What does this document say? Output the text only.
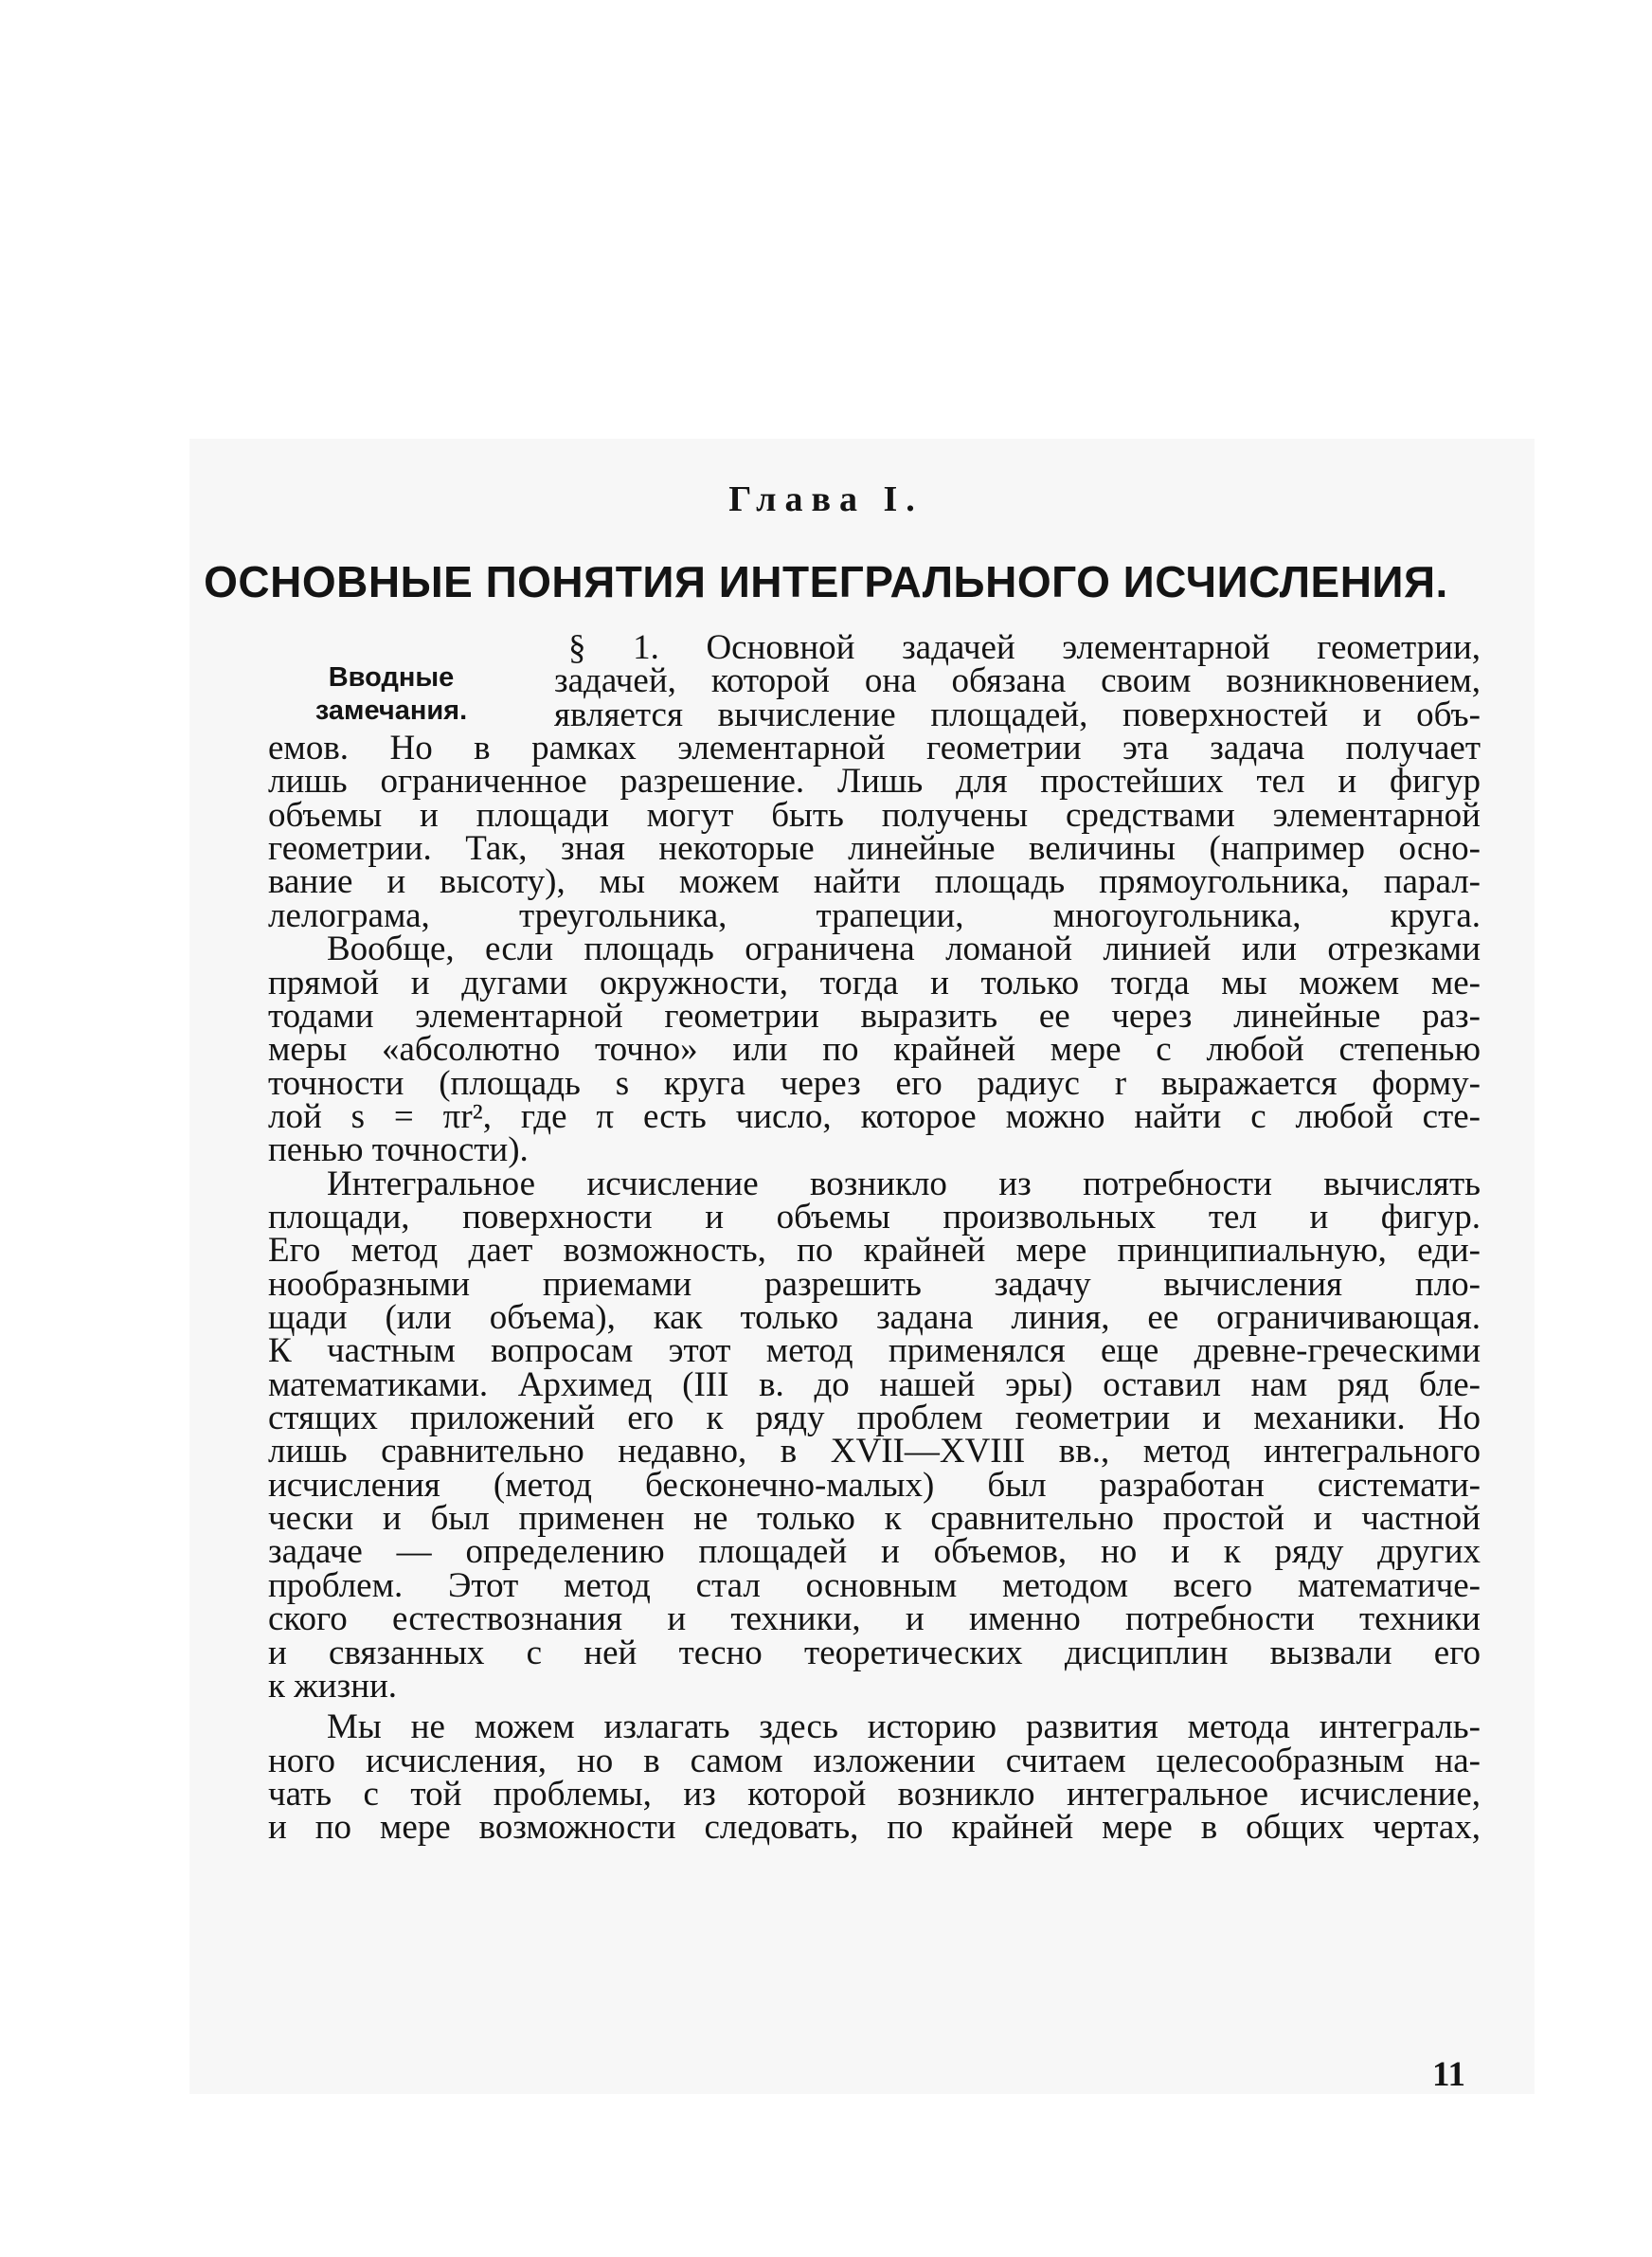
Глава I.
ОСНОВНЫЕ ПОНЯТИЯ ИНТЕГРАЛЬНОГО ИСЧИСЛЕНИЯ.
Вводные замечания.
§ 1. Основной задачей элементарной геометрии,
задачей, которой она обязана своим возникновением,
является вычисление площадей, поверхностей и объ-
емов. Но в рамках элементарной геометрии эта задача получает
лишь ограниченное разрешение. Лишь для простейших тел и фигур
объемы и площади могут быть получены средствами элементарной
геометрии. Так, зная некоторые линейные величины (например осно-
вание и высоту), мы можем найти площадь прямоугольника, парал-
лелограма, треугольника, трапеции, многоугольника, круга.
Вообще, если площадь ограничена ломаной линией или отрезками
прямой и дугами окружности, тогда и только тогда мы можем ме-
тодами элементарной геометрии выразить ее через линейные раз-
меры «абсолютно точно» или по крайней мере с любой степенью
точности (площадь s круга через его радиус r выражается форму-
лой s = πr², где π есть число, которое можно найти с любой сте-
пенью точности).
Интегральное исчисление возникло из потребности вычислять
площади, поверхности и объемы произвольных тел и фигур.
Его метод дает возможность, по крайней мере принципиальную, еди-
нообразными приемами разрешить задачу вычисления пло-
щади (или объема), как только задана линия, ее ограничивающая.
К частным вопросам этот метод применялся еще древне-греческими
математиками. Архимед (III в. до нашей эры) оставил нам ряд бле-
стящих приложений его к ряду проблем геометрии и механики. Но
лишь сравнительно недавно, в XVII—XVIII вв., метод интегрального
исчисления (метод бесконечно-малых) был разработан системати-
чески и был применен не только к сравнительно простой и частной
задаче — определению площадей и объемов, но и к ряду других
проблем. Этот метод стал основным методом всего математиче-
ского естествознания и техники, и именно потребности техники
и связанных с ней тесно теоретических дисциплин вызвали его
к жизни.
Мы не можем излагать здесь историю развития метода интеграль-
ного исчисления, но в самом изложении считаем целесообразным на-
чать с той проблемы, из которой возникло интегральное исчисление,
и по мере возможности следовать, по крайней мере в общих чертах,
11
